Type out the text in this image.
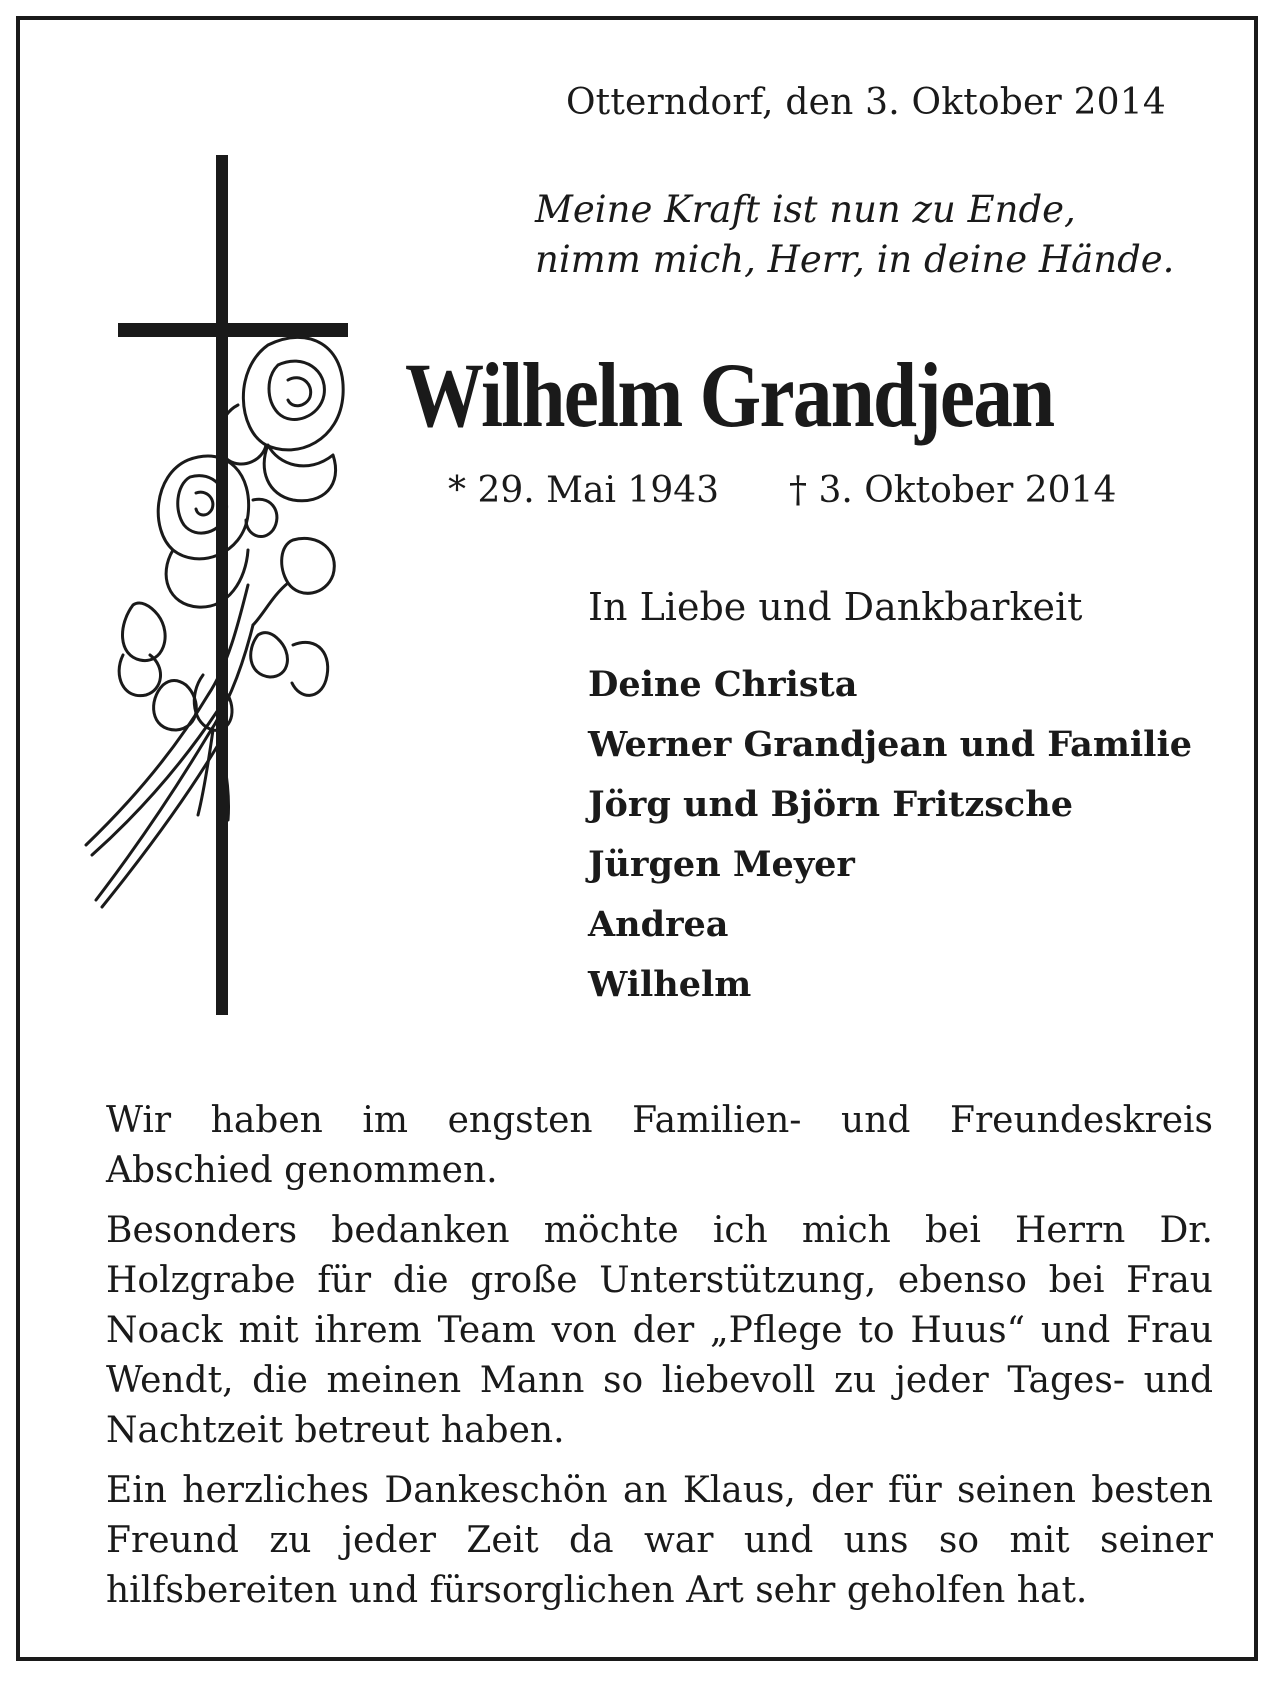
Otterndorf, den 3. Oktober 2014
Meine Kraft ist nun zu Ende,
nimm mich, Herr, in deine Hände.
Wilhelm Grandjean
* 29. Mai 1943 † 3. Oktober 2014
In Liebe und Dankbarkeit
Deine Christa
Werner Grandjean und Familie
Jörg und Björn Fritzsche
Jürgen Meyer
Andrea
Wilhelm

Wir haben im engsten Familien- und Freundeskreis Abschied genommen.

Besonders bedanken möchte ich mich bei Herrn Dr. Holzgrabe für die große Unterstützung, ebenso bei Frau Noack mit ihrem Team von der „Pflege to Huus“ und Frau Wendt, die meinen Mann so liebevoll zu jeder Tages- und Nachtzeit betreut haben.

Ein herzliches Dankeschön an Klaus, der für seinen besten Freund zu jeder Zeit da war und uns so mit seiner hilfsbereiten und fürsorglichen Art sehr geholfen hat.
